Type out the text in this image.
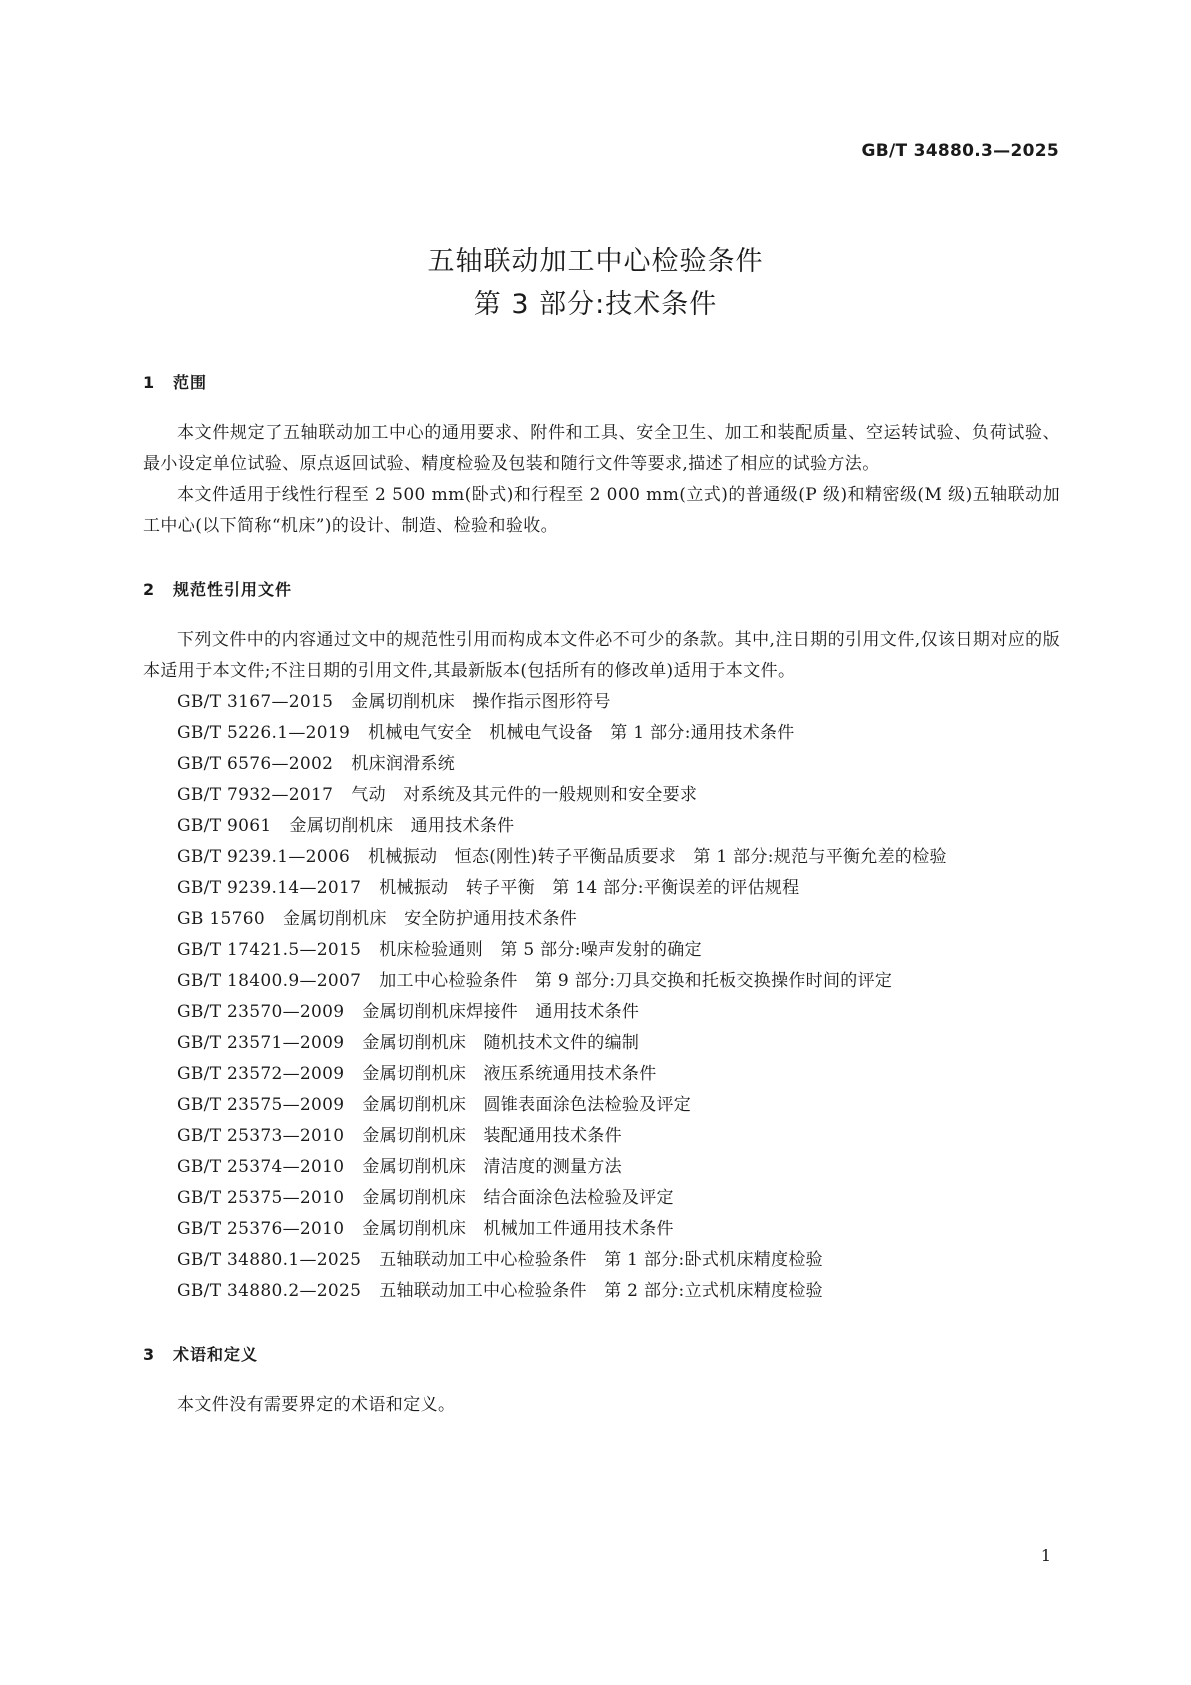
GB/T 34880.3—2025
五轴联动加工中心检验条件
第 3 部分:技术条件
1 范围
本文件规定了五轴联动加工中心的通用要求、附件和工具、安全卫生、加工和装配质量、空运转试验、负荷试验、最小设定单位试验、原点返回试验、精度检验及包装和随行文件等要求,描述了相应的试验方法。
本文件适用于线性行程至 2 500 mm(卧式)和行程至 2 000 mm(立式)的普通级(P 级)和精密级(M 级)五轴联动加工中心(以下简称“机床”)的设计、制造、检验和验收。
2 规范性引用文件
下列文件中的内容通过文中的规范性引用而构成本文件必不可少的条款。其中,注日期的引用文件,仅该日期对应的版本适用于本文件;不注日期的引用文件,其最新版本(包括所有的修改单)适用于本文件。
GB/T 3167—2015 金属切削机床　操作指示图形符号
GB/T 5226.1—2019 机械电气安全　机械电气设备　第 1 部分:通用技术条件
GB/T 6576—2002 机床润滑系统
GB/T 7932—2017 气动　对系统及其元件的一般规则和安全要求
GB/T 9061 金属切削机床　通用技术条件
GB/T 9239.1—2006 机械振动　恒态(刚性)转子平衡品质要求　第 1 部分:规范与平衡允差的检验
GB/T 9239.14—2017 机械振动　转子平衡　第 14 部分:平衡误差的评估规程
GB 15760 金属切削机床　安全防护通用技术条件
GB/T 17421.5—2015 机床检验通则　第 5 部分:噪声发射的确定
GB/T 18400.9—2007 加工中心检验条件　第 9 部分:刀具交换和托板交换操作时间的评定
GB/T 23570—2009 金属切削机床焊接件　通用技术条件
GB/T 23571—2009 金属切削机床　随机技术文件的编制
GB/T 23572—2009 金属切削机床　液压系统通用技术条件
GB/T 23575—2009 金属切削机床　圆锥表面涂色法检验及评定
GB/T 25373—2010 金属切削机床　装配通用技术条件
GB/T 25374—2010 金属切削机床　清洁度的测量方法
GB/T 25375—2010 金属切削机床　结合面涂色法检验及评定
GB/T 25376—2010 金属切削机床　机械加工件通用技术条件
GB/T 34880.1—2025 五轴联动加工中心检验条件　第 1 部分:卧式机床精度检验
GB/T 34880.2—2025 五轴联动加工中心检验条件　第 2 部分:立式机床精度检验
3 术语和定义
本文件没有需要界定的术语和定义。
1
